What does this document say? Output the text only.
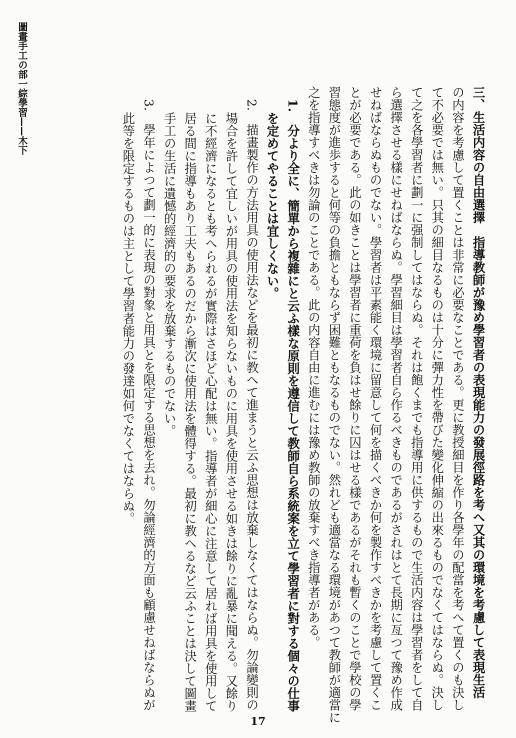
圖畫手工の部一綜學習——木下	三、生活内容の自由選擇　指導教師が豫め學習者の表現能力の發展徑路を考へ又其の環境を考慮して表現生活
の内容を考慮して置くことは非常に必要なことである。更に教授細目を作り各學年の配當を考へて置くのも決し
て不必要では無い。只其の細目なるものは十分に彈力性を帶びた變化伸縮の出來るものでなくてはならぬ。決し
て之を各學習者に劃一に强制してはならぬ。それは飽くまでも指導用に供するもので生活内容は學習者をして自
ら選擇させる樣にせねばならぬ。學習細目は學習者自ら作るべきものであるがされはとて長期に亙つて豫め作成
せねばならぬものでない。學習者は平素能く環境に留意して何を描くべきか何を製作すべきかを考慮して置くこ
とが必要である。此の如きことは學習者に重荷を負はせ餘りに囚はせる樣であるがそれも暫くのことで學校の學
習態度が進歩すると何等の負擔ともならず困難ともなるものでない。然れども適當なる環境があつて教師が適當に
之を指導すべきは勿論のことである。此の内容自由に進むには豫め教師の放棄すべき指導者がある。
1.　分より全に、簡單から複雜にと云ふ樣な原則を遵信して教師自ら系統案を立て學習者に對する個々の仕事
を定めてやることは宜しくない。
2.　描畫製作の方法用具の使用法などを最初に教へて進まうと云ふ思想は放棄しなくてはならぬ。勿論變則の
場合を許して宜しいが用具の使用法を知らないものに用具を使用させる如きは餘りに亂暴に聞える。又餘り
に不經濟になるとも考へられるが實際はさほど心配は無い。指導者が細心に注意して居れば用具を使用して
居る間に指導もあり工夫もあるのだから漸次に使用法を體得する。最初に教へるなど云ふことは決して圖畫
手工の生活に遺憾的經濟的の要求を放棄するものでない。
3.　學年によつて劃一的に表現の對象と用具とを限定する思想を去れ。勿論經濟的方面も顧慮せねばならぬが
此等を限定するものは主として學習者能力の發達如何でなくてはならぬ。
17
